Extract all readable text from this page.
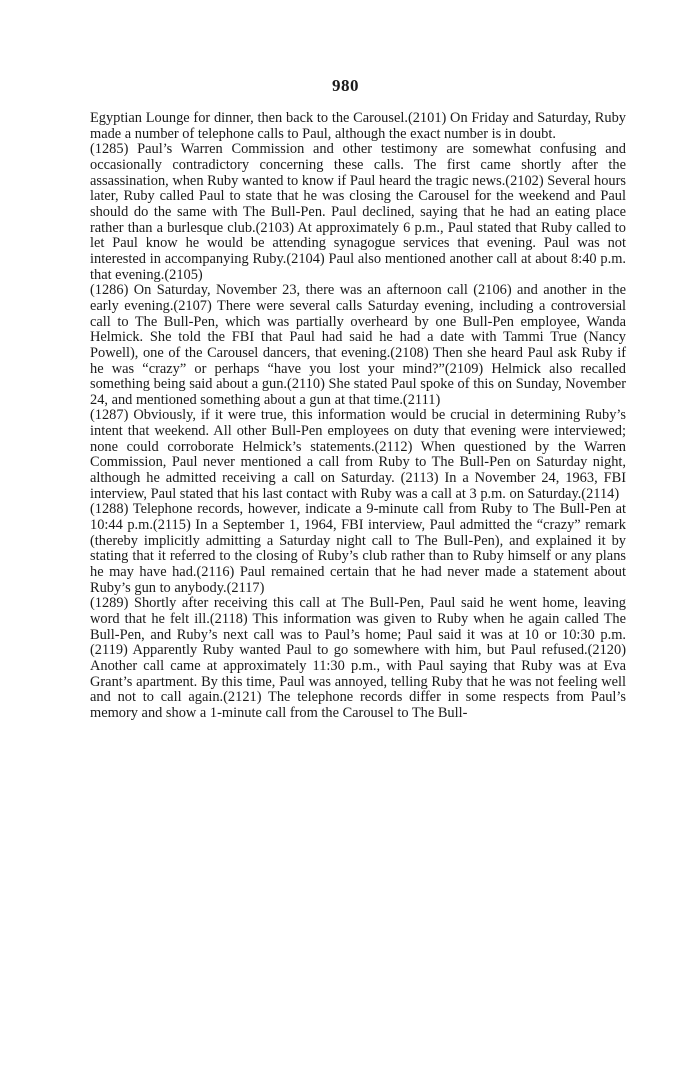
980

Egyptian Lounge for dinner, then back to the Carousel.(2101) On Friday and Saturday, Ruby made a number of telephone calls to Paul, although the exact number is in doubt.

(1285) Paul’s Warren Commission and other testimony are somewhat confusing and occasionally contradictory concerning these calls. The first came shortly after the assassination, when Ruby wanted to know if Paul heard the tragic news.(2102) Several hours later, Ruby called Paul to state that he was closing the Carousel for the weekend and Paul should do the same with The Bull-Pen. Paul declined, saying that he had an eating place rather than a burlesque club.(2103) At approximately 6 p.m., Paul stated that Ruby called to let Paul know he would be attending synagogue services that evening. Paul was not interested in accompanying Ruby.(2104) Paul also mentioned another call at about 8:40 p.m. that evening.(2105)

(1286) On Saturday, November 23, there was an afternoon call (2106) and another in the early evening.(2107) There were several calls Saturday evening, including a controversial call to The Bull-Pen, which was partially overheard by one Bull-Pen employee, Wanda Helmick. She told the FBI that Paul had said he had a date with Tammi True (Nancy Powell), one of the Carousel dancers, that evening.(2108) Then she heard Paul ask Ruby if he was “crazy” or perhaps “have you lost your mind?”(2109) Helmick also recalled something being said about a gun.(2110) She stated Paul spoke of this on Sunday, November 24, and mentioned something about a gun at that time.(2111)

(1287) Obviously, if it were true, this information would be crucial in determining Ruby’s intent that weekend. All other Bull-Pen employees on duty that evening were interviewed; none could corroborate Helmick’s statements.(2112) When questioned by the Warren Commission, Paul never mentioned a call from Ruby to The Bull-Pen on Saturday night, although he admitted receiving a call on Saturday. (2113) In a November 24, 1963, FBI interview, Paul stated that his last contact with Ruby was a call at 3 p.m. on Saturday.(2114)

(1288) Telephone records, however, indicate a 9-minute call from Ruby to The Bull-Pen at 10:44 p.m.(2115) In a September 1, 1964, FBI interview, Paul admitted the “crazy” remark (thereby implicitly admitting a Saturday night call to The Bull-Pen), and explained it by stating that it referred to the closing of Ruby’s club rather than to Ruby himself or any plans he may have had.(2116) Paul remained certain that he had never made a statement about Ruby’s gun to anybody.(2117)

(1289) Shortly after receiving this call at The Bull-Pen, Paul said he went home, leaving word that he felt ill.(2118) This information was given to Ruby when he again called The Bull-Pen, and Ruby’s next call was to Paul’s home; Paul said it was at 10 or 10:30 p.m.(2119) Apparently Ruby wanted Paul to go somewhere with him, but Paul refused.(2120) Another call came at approximately 11:30 p.m., with Paul saying that Ruby was at Eva Grant’s apartment. By this time, Paul was annoyed, telling Ruby that he was not feeling well and not to call again.(2121) The telephone records differ in some respects from Paul’s memory and show a 1-minute call from the Carousel to The Bull-
